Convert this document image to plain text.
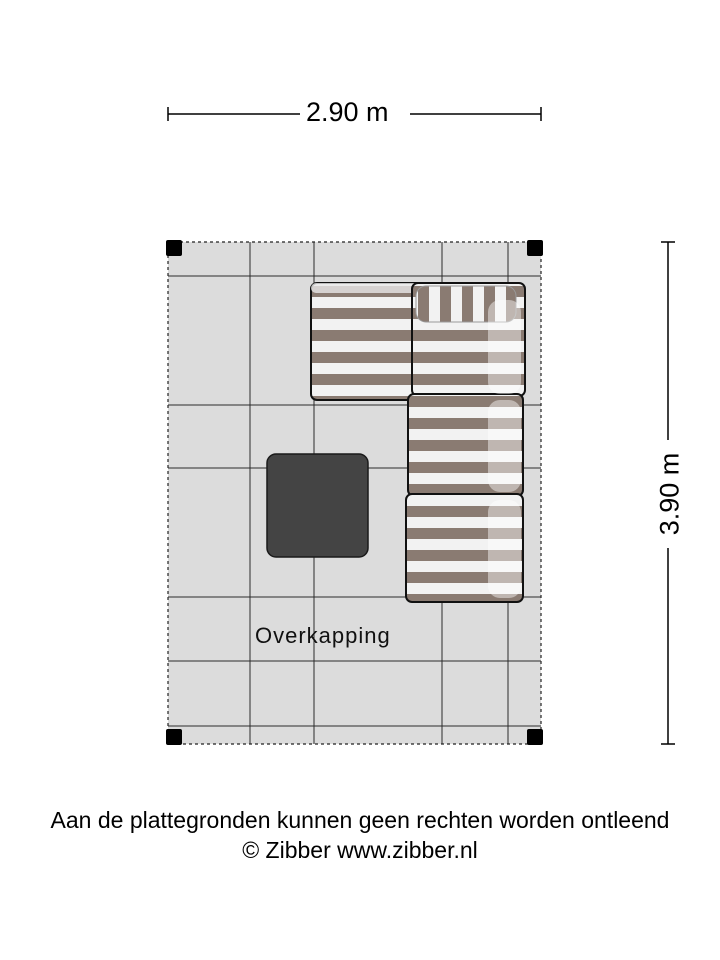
2.90 m
3.90 m
Overkapping
Aan de plattegronden kunnen geen rechten worden ontleend
© Zibber www.zibber.nl
